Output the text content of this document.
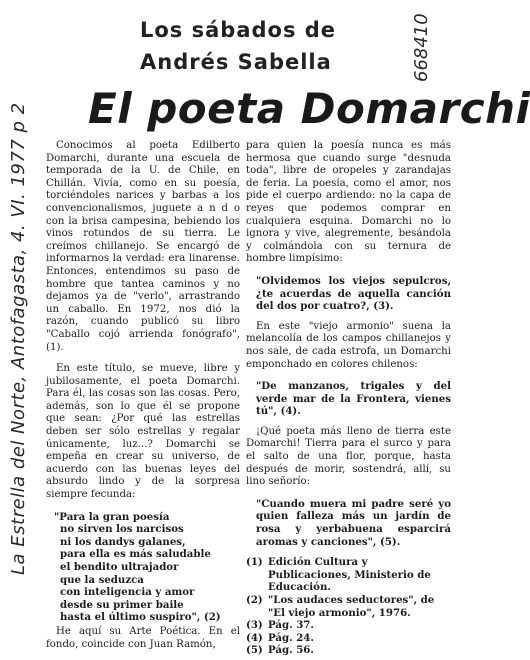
La Estrella del Norte, Antofagasta, 4. VI. 1977 p 2
668410
Los sábados de
Andrés Sabella
El poeta Domarchi

Conocimos al poeta Edilberto Domarchi, durante una escuela de temporada de la U. de Chile, en Chillán. Vivía, como en su poesía, torciéndoles narices y barbas a los convencionalismos, juguete a n d o con la brisa campesina, bebiendo los vinos rotundos de su tierra. Le creímos chillanejo. Se encargó de informarnos la verdad: era linarense. Entonces, entendimos su paso de hombre que tantea caminos y no dejamos ya de "verlo", arrastrando un caballo. En 1972, nos dió la razón, cuando publicó su libro "Caballo cojó arrienda fonógrafo", (1).

En este título, se mueve, libre y jubilosamente, el poeta Domarchi. Para él, las cosas son las cosas. Pero, además, son lo que él se propone que sean: ¿Por qué las estrellas deben ser sólo estrellas y regalar únicamente, luz...? Domarchi se empeña en crear su universo, de acuerdo con las buenas leyes del absurdo lindo y de la sorpresa siempre fecunda:

"Para la gran poesía
no sirven los narcisos
ni los dandys galanes,
para ella es más saludable
el bendito ultrajador
que la seduzca
con inteligencia y amor
desde su primer baile
hasta el último suspiro", (2)

He aquí su Arte Poética. En el fondo, coincide con Juan Ramón,

para quien la poesía nunca es más hermosa que cuando surge "desnuda toda", libre de oropeles y zarandajas de feria. La poesía, como el amor, nos pide el cuerpo ardiendo: no la capa de reyes que podemos comprar en cualquiera esquina. Domarchi no lo ignora y vive, alegremente, besándola y colmándola con su ternura de hombre limpísimo:

"Olvidemos los viejos sepulcros, ¿te acuerdas de aquella canción del dos por cuatro?, (3).

En este "viejo armonio" suena la melancolía de los campos chillanejos y nos sale, de cada estrofa, un Domarchi emponchado en colores chilenos:

"De manzanos, trigales y del verde mar de la Frontera, vienes tú", (4).

¡Qué poeta más lleno de tierra este Domarchi! Tierra para el surco y para el salto de una flor, porque, hasta después de morir, sostendrá, allí, su lino señorío:

"Cuando muera mi padre seré yo quien falleza más un jardín de rosa y yerbabuena esparcirá aromas y canciones", (5).

(1) Edición Cultura y Publicaciones, Ministerio de Educación.
(2) "Los audaces seductores", de "El viejo armonio", 1976.
(3) Pág. 37.
(4) Pág. 24.
(5) Pág. 56.
